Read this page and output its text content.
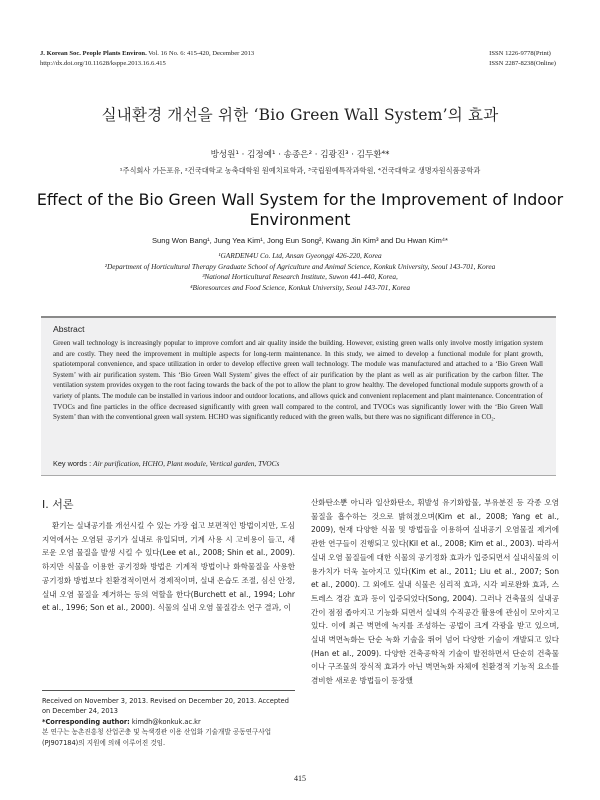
J. Korean Soc. People Plants Environ. Vol. 16 No. 6: 415-420, December 2013
http://dx.doi.org/10.11628/ksppe.2013.16.6.415
ISSN 1226-9778(Print)
ISSN 2287-8238(Online)
실내환경 개선을 위한 ‘Bio Green Wall System’의 효과
방성원¹ · 김정예¹ · 송종은² · 김광진³ · 김두환⁴*
¹주식회사 가든포유, ²건국대학교 농축대학원 원예치료학과, ³국립원예특작과학원, ⁴건국대학교 생명자원식품공학과
Effect of the Bio Green Wall System for the Improvement of Indoor Environment
Sung Won Bang¹, Jung Yea Kim¹, Jong Eun Song², Kwang Jin Kim³ and Du Hwan Kim⁴*
¹GARDEN4U Co. Ltd, Ansan Gyeonggi 426-220, Korea
²Department of Horticultural Therapy Graduate School of Agriculture and Animal Science, Konkuk University, Seoul 143-701, Korea
³National Horticultural Research Institute, Suwon 441-440, Korea,
⁴Bioresources and Food Science, Konkuk University, Seoul 143-701, Korea
Abstract
Green wall technology is increasingly popular to improve comfort and air quality inside the building. However, existing green walls only involve mostly irrigation system and are costly. They need the improvement in multiple aspects for long-term maintenance. In this study, we aimed to develop a functional module for plant growth, spatiotemporal convenience, and space utilization in order to develop effective green wall technology. The module was manufactured and attached to a ‘Bio Green Wall System’ with air purification system. This ‘Bio Green Wall System’ gives the effect of air purification by the plant as well as air purification by the carbon filter. The ventilation system provides oxygen to the root facing towards the back of the pot to allow the plant to grow healthy. The developed functional module supports growth of a variety of plants. The module can be installed in various indoor and outdoor locations, and allows quick and convenient replacement and plant maintenance. Concentration of TVOCs and fine particles in the office decreased significantly with green wall compared to the control, and TVOCs was significantly lower with the ‘Bio Green Wall System’ than with the conventional green wall system. HCHO was significantly reduced with the green walls, but there was no significant difference in CO₂.
Key words : Air purification, HCHO, Plant module, Vertical garden, TVOCs
Ⅰ. 서론

환기는 실내공기를 개선시킬 수 있는 가장 쉽고 보편적인 방법이지만, 도심 지역에서는 오염된 공기가 실내로 유입되며, 기계 사용 시 고비용이 들고, 새로운 오염 물질을 발생 시킬 수 있다(Lee et al., 2008; Shin et al., 2009). 하지만 식물을 이용한 공기정화 방법은 기계적 방법이나 화학물질을 사용한 공기정화 방법보다 친환경적이면서 경제적이며, 실내 온습도 조절, 심신 안정, 실내 오염 물질을 제거하는 등의 역할을 한다(Burchett et al., 1994; Lohr et al., 1996; Son et al., 2000). 식물의 실내 오염 물질감소 연구 결과, 이

산화탄소뿐 아니라 일산화탄소, 휘발성 유기화합물, 부유분진 등 각종 오염물질을 흡수하는 것으로 밝혀졌으며(Kim et al., 2008; Yang et al., 2009), 현재 다양한 식물 및 방법들을 이용하여 실내공기 오염물질 제거에 관한 연구들이 진행되고 있다(Kil et al., 2008; Kim et al., 2003). 따라서 실내 오염 물질들에 대한 식물의 공기정화 효과가 입증되면서 실내식물의 이용가치가 더욱 높아지고 있다(Kim et al., 2011; Liu et al., 2007; Son et al., 2000). 그 외에도 실내 식물은 심리적 효과, 시각 피로완화 효과, 스트레스 경감 효과 등이 입증되었다(Song, 2004). 그러나 건축물의 실내공간이 점점 좁아지고 기능화 되면서 실내의 수직공간 활용에 관심이 모아지고 있다. 이에 최근 벽면에 녹지를 조성하는 공법이 크게 각광을 받고 있으며, 실내 벽면녹화는 단순 녹화 기술을 뛰어 넘어 다양한 기술이 개발되고 있다(Han et al., 2009). 다양한 건축공학적 기술이 발전하면서 단순히 건축물이나 구조물의 장식적 효과가 아닌 벽면녹화 자체에 친환경적 기능적 요소를 겸비한 새로운 방법들이 등장했

Received on November 3, 2013. Revised on December 20, 2013. Accepted on December 24, 2013
*Corresponding author: kimdh@konkuk.ac.kr
본 연구는 농촌진흥청 산업곤충 및 녹색경관 이용 산업화 기술개발 공동연구사업(PJ907184)의 지원에 의해 이루어진 것임.
415
